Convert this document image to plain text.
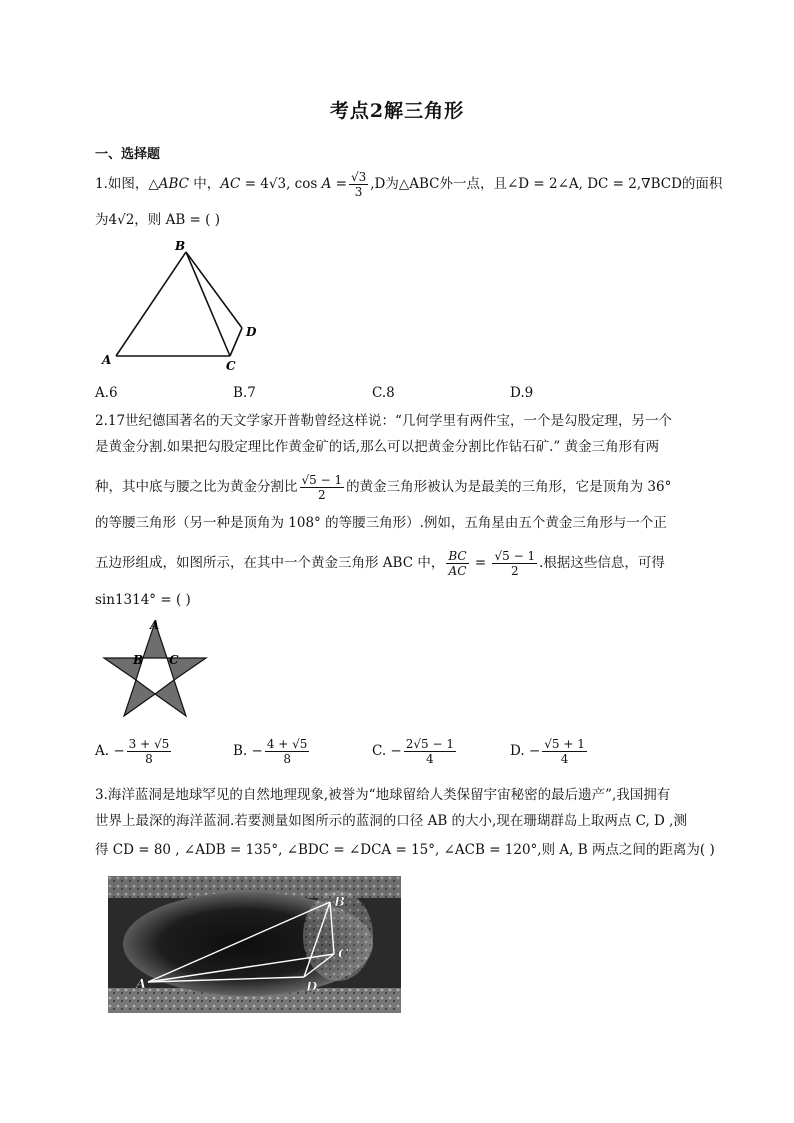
考点2解三角形
一、选择题
1.如图，△ABC 中，AC = 4√3, $\cos A = \frac{√3}{3} ,D$为△ABC外一点，且∠D = 2∠A, DC = 2,∇BCD的面积
为4√2，则 AB = ( )
B
D
A	C
A.6	B.7	C.8	D.9
2.17世纪德国著名的天文学家开普勒曾经这样说：“几何学里有两件宝，一个是勾股定理，另一个
是黄金分割.如果把勾股定理比作黄金矿的话,那么可以把黄金分割比作钻石矿.” 黄金三角形有两
种，其中底与腰之比为黄金分割比 $\frac{√5 - 1}{2}$ 的黄金三角形被认为是最美的三角形，它是顶角为 36°
的等腰三角形（另一种是顶角为 108° 的等腰三角形）.例如，五角星由五个黄金三角形与一个正
五边形组成，如图所示，在其中一个黄金三角形 ABC 中， $\frac{BC}{AC} = \frac{√5 - 1}{2}$ .根据这些信息，可得
sin1314° = ( )
A
B C
A. − $\frac{3 + √5}{8}$	B. − $\frac{4 + √5}{8}$	C. − $\frac{2√5 - 1}{4}$	D. − $\frac{√5 + 1}{4}$
3.海洋蓝洞是地球罕见的自然地理现象,被誉为“地球留给人类保留宇宙秘密的最后遗产”,我国拥有
世界上最深的海洋蓝洞.若要测量如图所示的蓝洞的口径 AB 的大小,现在珊瑚群岛上取两点 C, D ,测
得 CD = 80 , ∠ADB = 135°, ∠BDC = ∠DCA = 15°, ∠ACB = 120°,则 A, B 两点之间的距离为( )
B
C
A	D
